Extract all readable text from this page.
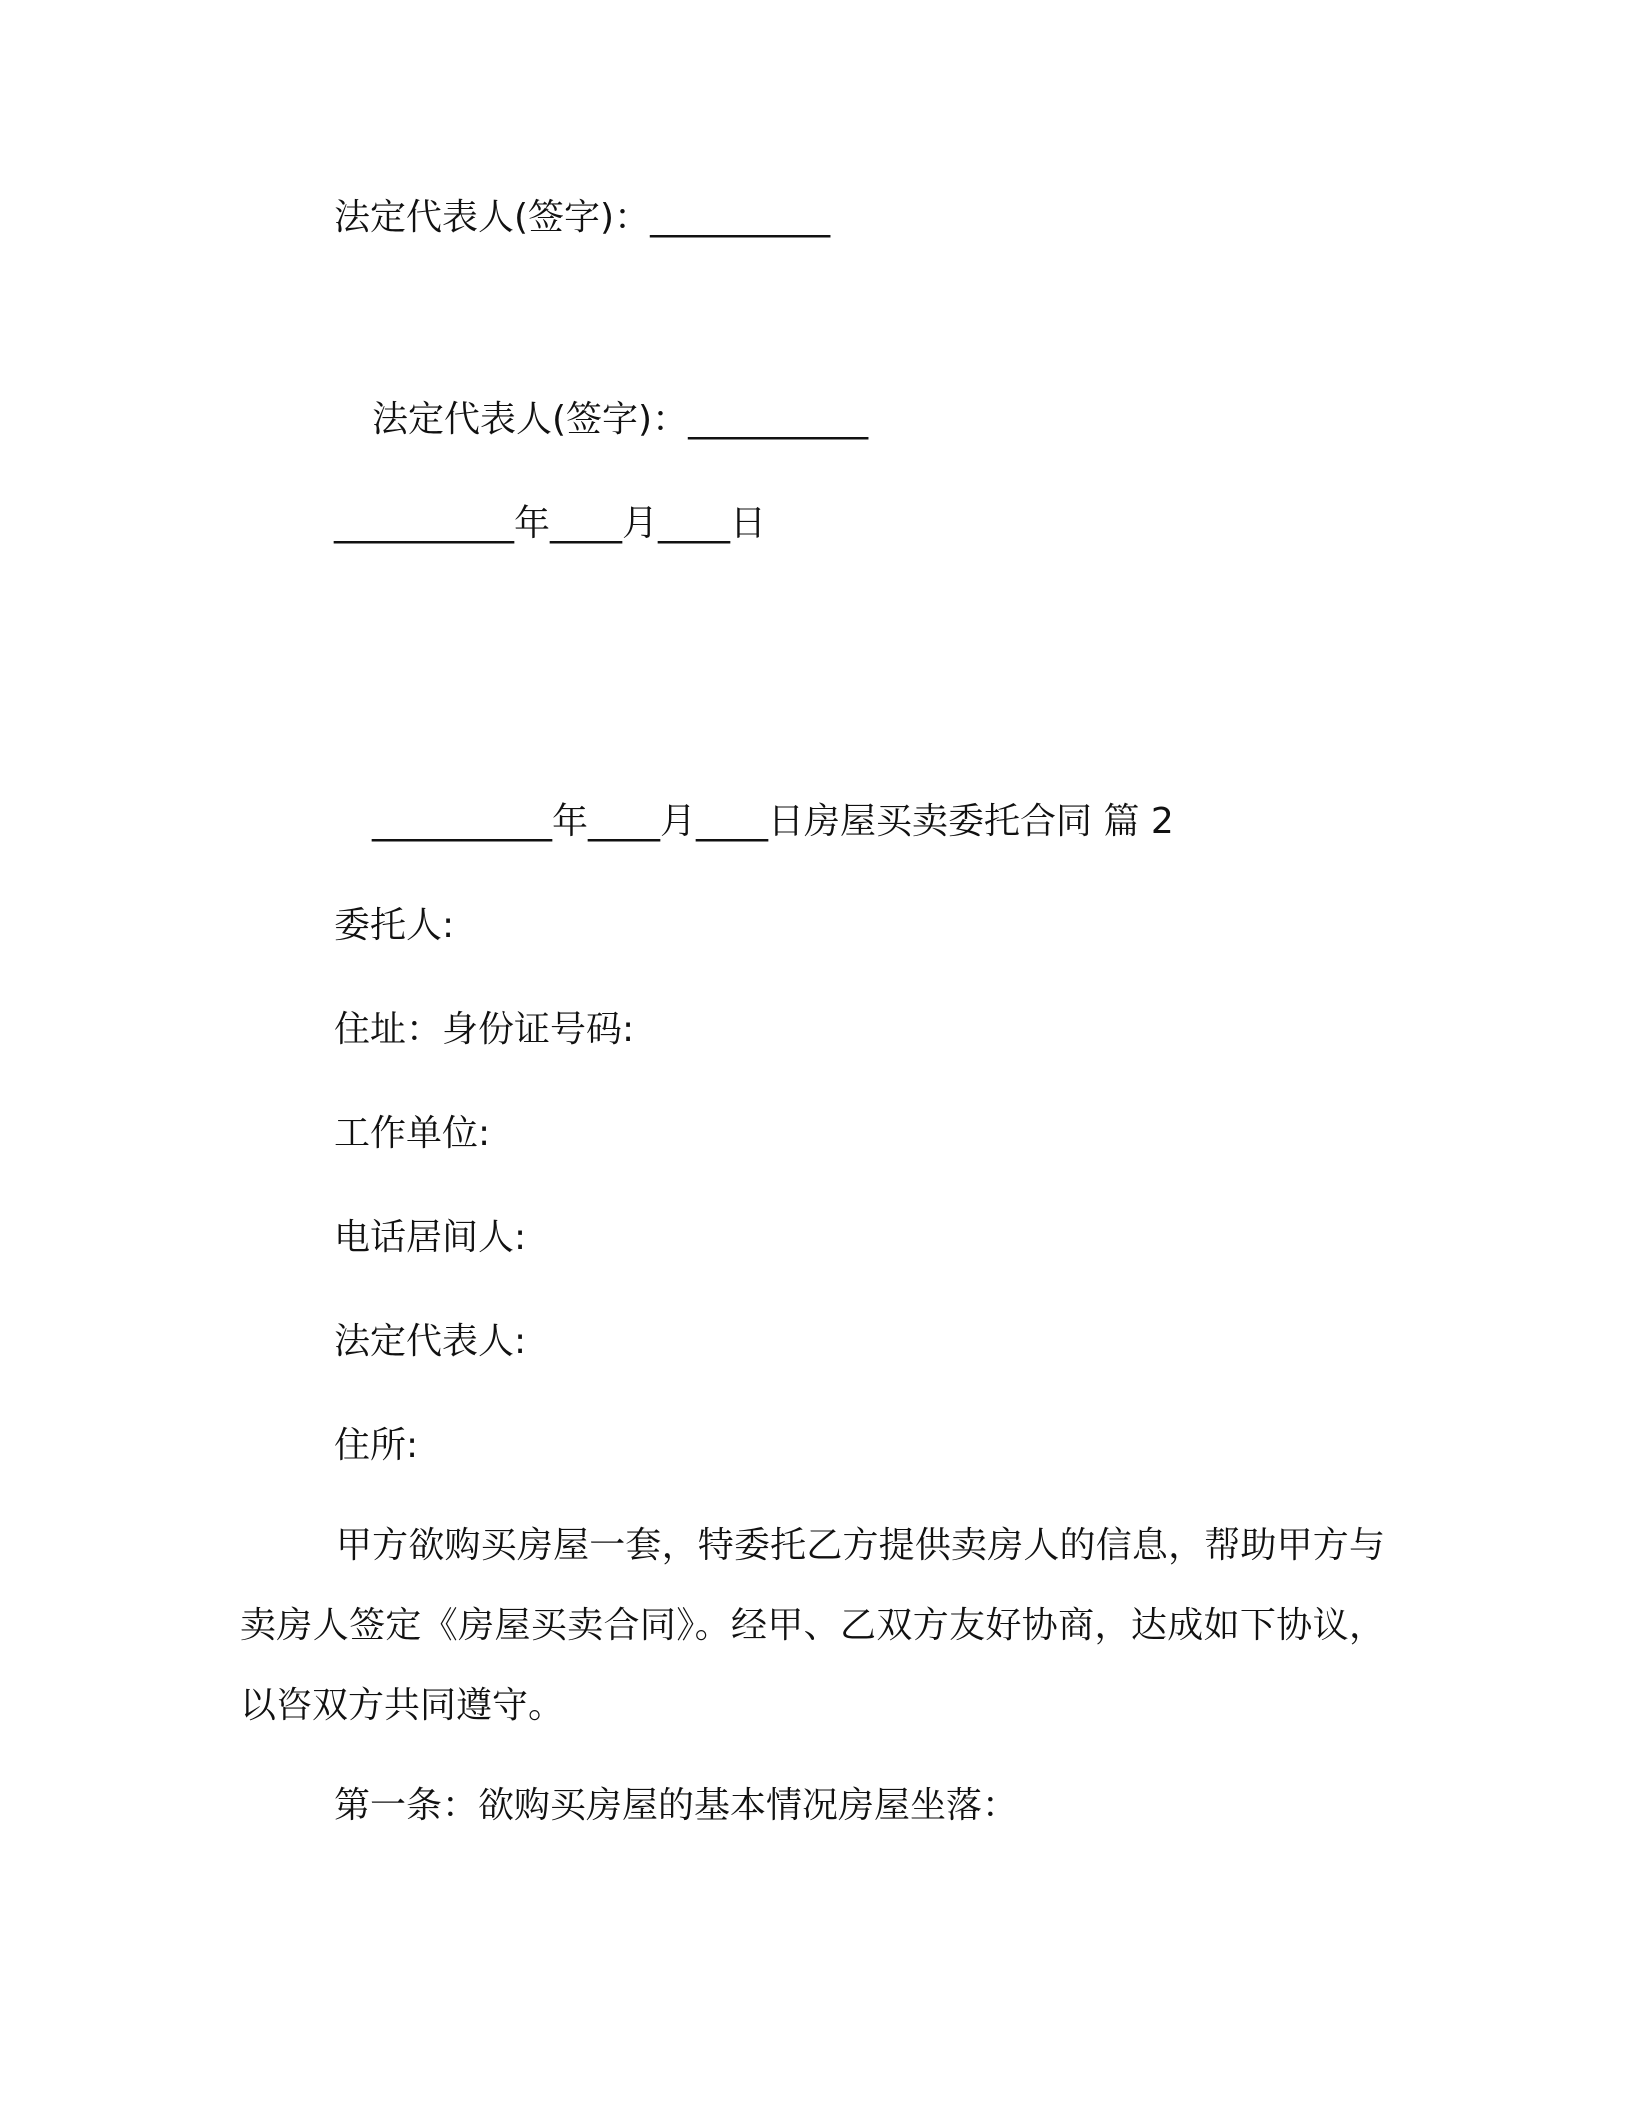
法定代表人(签字)：__________

法定代表人(签字)：__________

__________年____月____日

__________年____月____日房屋买卖委托合同 篇 2

委托人:

住址：身份证号码:

工作单位:

电话居间人:

法定代表人:

住所:

甲方欲购买房屋一套，特委托乙方提供卖房人的信息，帮助甲方与卖房人签定《房屋买卖合同》。经甲、乙双方友好协商，达成如下协议，以咨双方共同遵守。

第一条：欲购买房屋的基本情况房屋坐落：
